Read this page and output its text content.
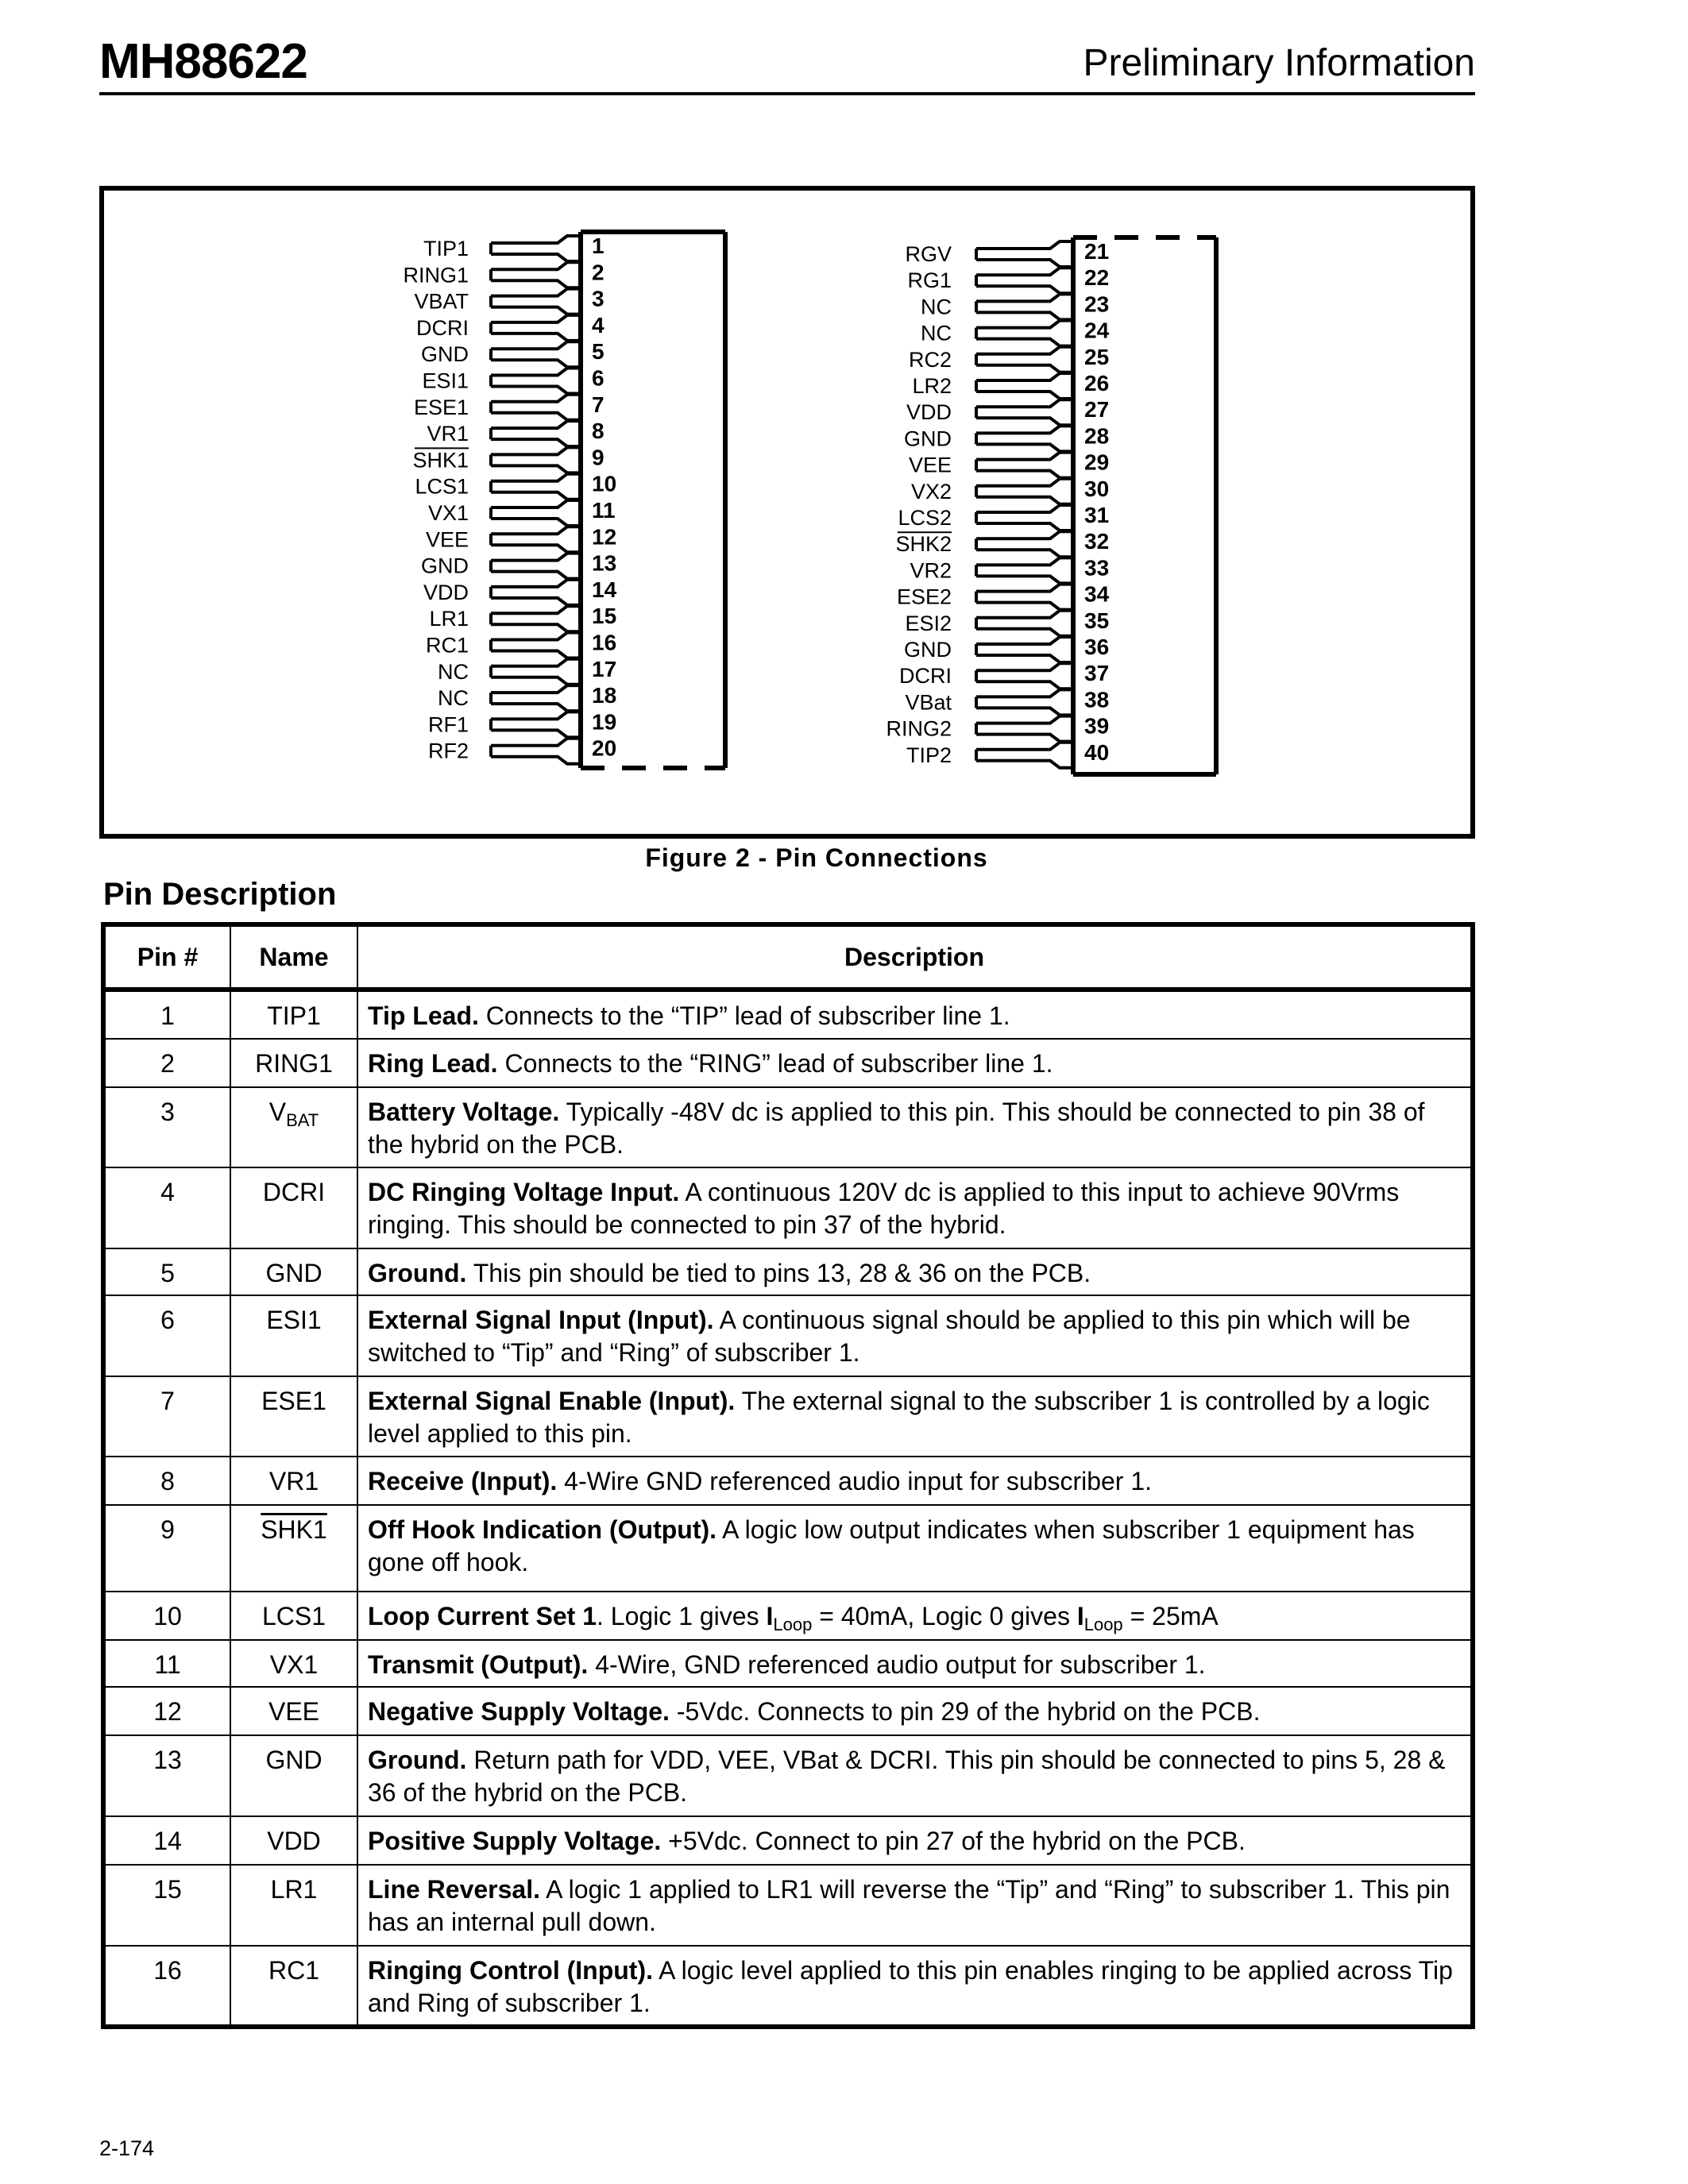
MH88622	Preliminary Information
TIP1	1
RING1	2
VBAT	3
DCRI	4
GND	5
ESI1	6
ESE1	7
VR1	8
SHK1	9
LCS1	10
VX1	11
VEE	12
GND	13
VDD	14
LR1	15
RC1	16
NC	17
NC	18
RF1	19
RF2	20
RGV	21
RG1	22
NC	23
NC	24
RC2	25
LR2	26
VDD	27
GND	28
VEE	29
VX2	30
LCS2	31
SHK2	32
VR2	33
ESE2	34
ESI2	35
GND	36
DCRI	37
VBat	38
RING2	39
TIP2	40
Figure 2 - Pin Connections
Pin Description
Pin #	Name	Description
1	TIP1	Tip Lead. Connects to the “TIP” lead of subscriber line 1.
2	RING1	Ring Lead. Connects to the “RING” lead of subscriber line 1.
3	$V_{BAT}$	Battery Voltage. Typically -48V dc is applied to this pin. This should be connected to pin 38 of the hybrid on the PCB.
4	DCRI	DC Ringing Voltage Input. A continuous 120V dc is applied to this input to achieve 90Vrms ringing. This should be connected to pin 37 of the hybrid.
5	GND	Ground. This pin should be tied to pins 13, 28 & 36 on the PCB.
6	ESI1	External Signal Input (Input). A continuous signal should be applied to this pin which will be switched to “Tip” and “Ring” of subscriber 1.
7	ESE1	External Signal Enable (Input). The external signal to the subscriber 1 is controlled by a logic level applied to this pin.
8	VR1	Receive (Input). 4-Wire GND referenced audio input for subscriber 1.
9	SHK1	Off Hook Indication (Output). A logic low output indicates when subscriber 1 equipment has gone off hook.
10	LCS1	Loop Current Set 1. Logic 1 gives $I_{Loop} = 40mA$, Logic 0 gives $I_{Loop} = 25mA$
11	VX1	Transmit (Output). 4-Wire, GND referenced audio output for subscriber 1.
12	VEE	Negative Supply Voltage. -5Vdc. Connects to pin 29 of the hybrid on the PCB.
13	GND	Ground. Return path for VDD, VEE, VBat & DCRI. This pin should be connected to pins 5, 28 & 36 of the hybrid on the PCB.
14	VDD	Positive Supply Voltage. +5Vdc. Connect to pin 27 of the hybrid on the PCB.
15	LR1	Line Reversal. A logic 1 applied to LR1 will reverse the “Tip” and “Ring” to subscriber 1. This pin has an internal pull down.
16	RC1	Ringing Control (Input). A logic level applied to this pin enables ringing to be applied across Tip and Ring of subscriber 1.
2-174
